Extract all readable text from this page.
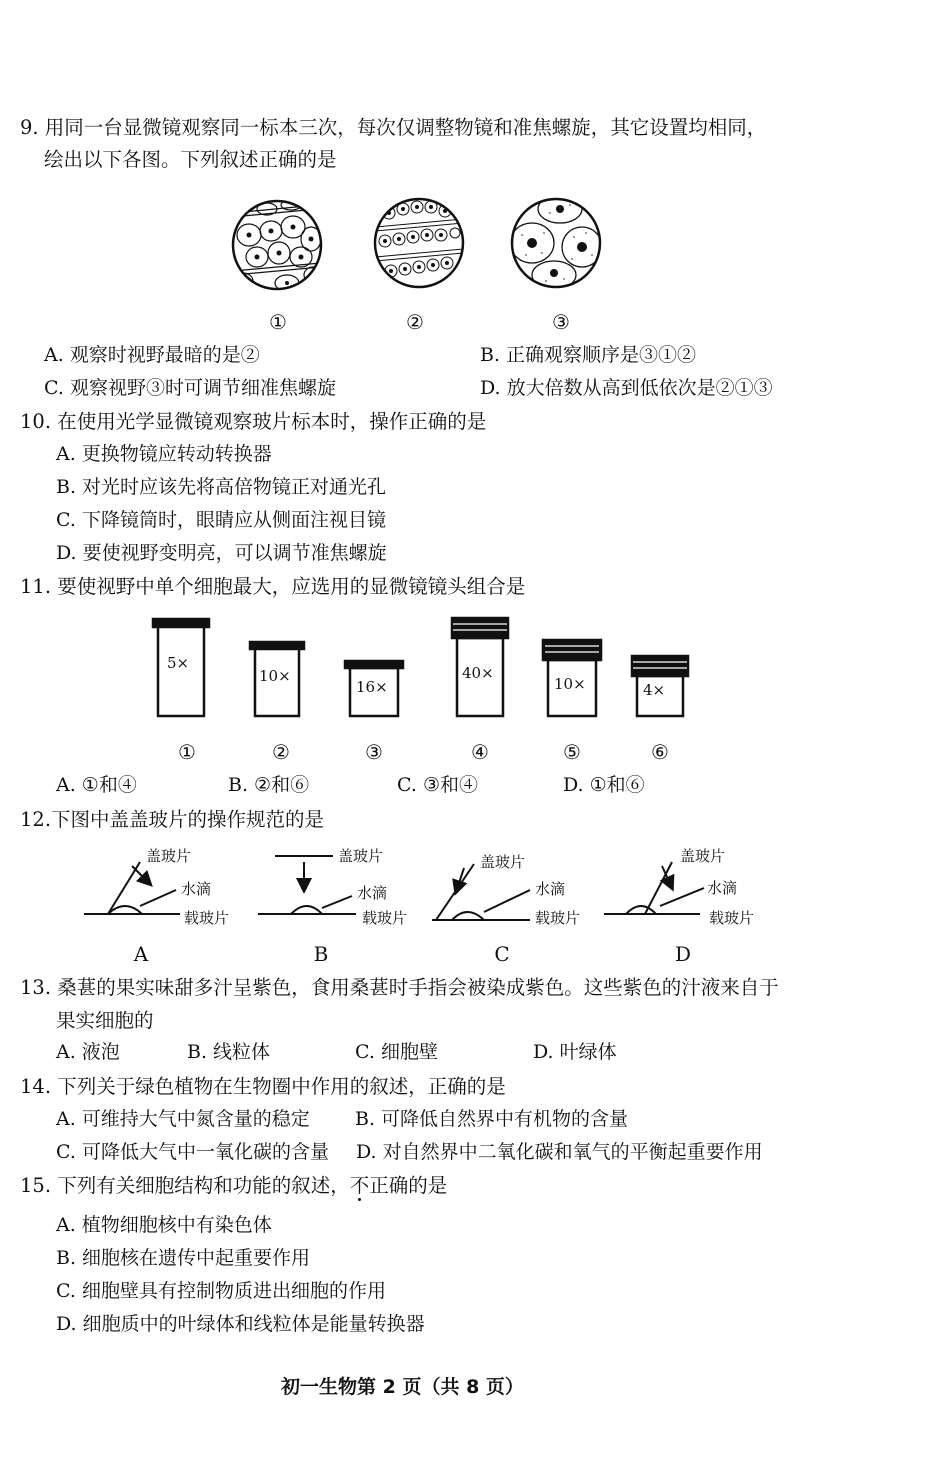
9. 用同一台显微镜观察同一标本三次，每次仅调整物镜和准焦螺旋，其它设置均相同，
绘出以下各图。下列叙述正确的是
①	②	③
A. 观察时视野最暗的是②	B. 正确观察顺序是③①②
C. 观察视野③时可调节细准焦螺旋	D. 放大倍数从高到低依次是②①③
10. 在使用光学显微镜观察玻片标本时，操作正确的是
A. 更换物镜应转动转换器
B. 对光时应该先将高倍物镜正对通光孔
C. 下降镜筒时，眼睛应从侧面注视目镜
D. 要使视野变明亮，可以调节准焦螺旋
11. 要使视野中单个细胞最大，应选用的显微镜镜头组合是
5×
10×
16×
40×
10×	4×
①	②	③	④	⑤	⑥
A. ①和④	B. ②和⑥	C. ③和④	D. ①和⑥
12.下图中盖盖玻片的操作规范的是
盖玻片
水滴
载玻片
盖玻片
水滴
载玻片
盖玻片
水滴
载玻片
盖玻片
水滴
载玻片
A	B	C	D
13. 桑葚的果实味甜多汁呈紫色，食用桑葚时手指会被染成紫色。这些紫色的汁液来自于
果实细胞的
A. 液泡	B. 线粒体	C. 细胞壁	D. 叶绿体
14. 下列关于绿色植物在生物圈中作用的叙述，正确的是
A. 可维持大气中氮含量的稳定 B. 可降低自然界中有机物的含量
C. 可降低大气中一氧化碳的含量 D. 对自然界中二氧化碳和氧气的平衡起重要作用
15. 下列有关细胞结构和功能的叙述，不正确的是
A. 植物细胞核中有染色体
B. 细胞核在遗传中起重要作用
C. 细胞壁具有控制物质进出细胞的作用
D. 细胞质中的叶绿体和线粒体是能量转换器
初一生物第 2 页（共 8 页）
